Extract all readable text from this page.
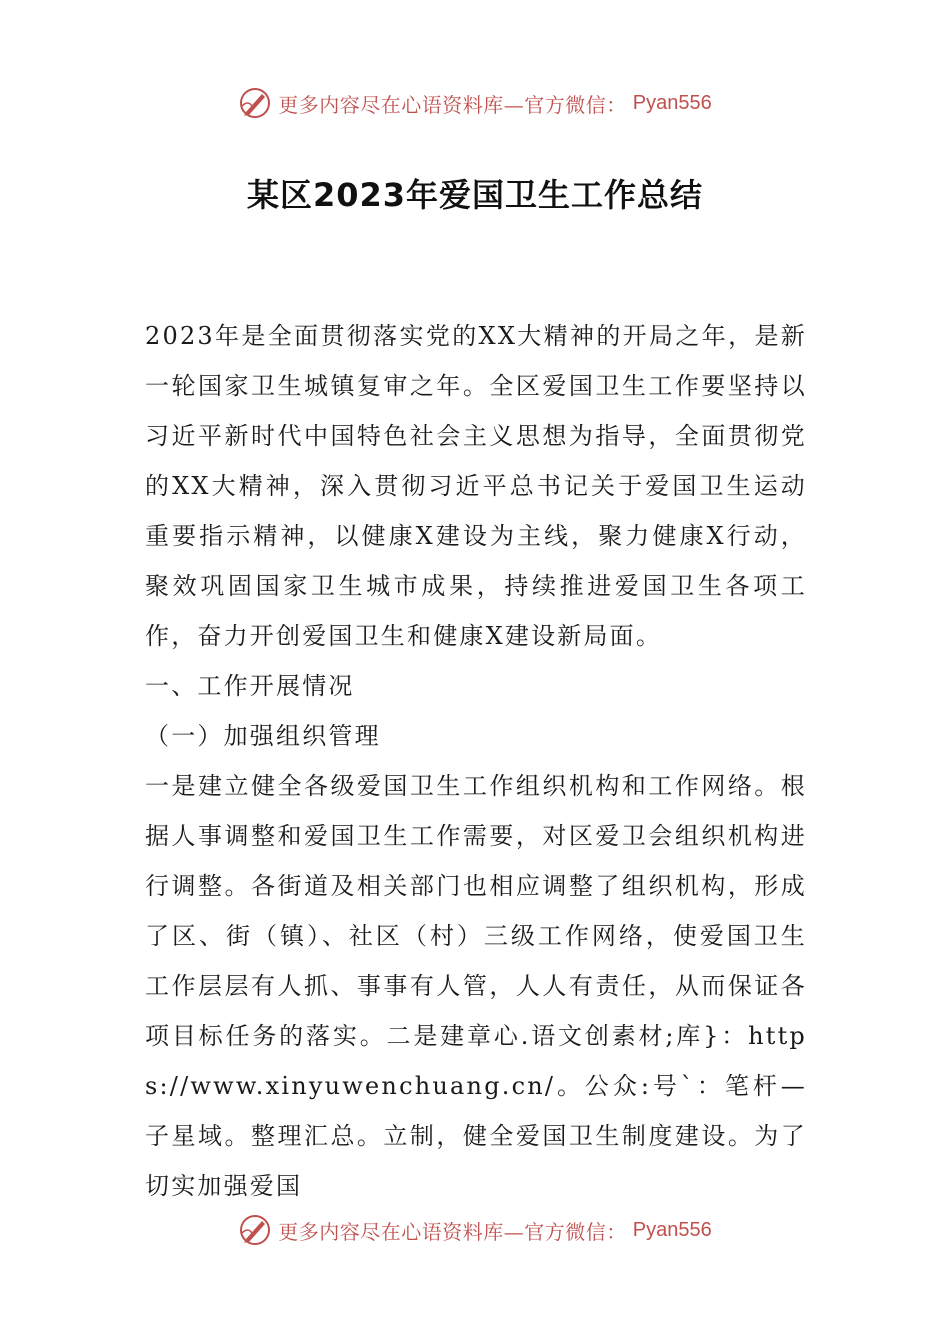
更多内容尽在心语资料库—官方微信： Pyan556
某区2023年爱国卫生工作总结

2023年是全面贯彻落实党的XX大精神的开局之年，是新一轮国家卫生城镇复审之年。全区爱国卫生工作要坚持以习近平新时代中国特色社会主义思想为指导，全面贯彻党的XX大精神，深入贯彻习近平总书记关于爱国卫生运动重要指示精神，以健康X建设为主线，聚力健康X行动，聚效巩固国家卫生城市成果，持续推进爱国卫生各项工作，奋力开创爱国卫生和健康X建设新局面。

一、工作开展情况

（一）加强组织管理

一是建立健全各级爱国卫生工作组织机构和工作网络。根据人事调整和爱国卫生工作需要，对区爱卫会组织机构进行调整。各街道及相关部门也相应调整了组织机构，形成了区、街（镇）、社区（村）三级工作网络，使爱国卫生工作层层有人抓、事事有人管，人人有责任，从而保证各项目标任务的落实。二是建章心.语文创素材;库}：https://www.xinyuwenchuang.cn/。公众:号`：笔杆—子星域。整理汇总。立制，健全爱国卫生制度建设。为了切实加强爱国

更多内容尽在心语资料库—官方微信： Pyan556
